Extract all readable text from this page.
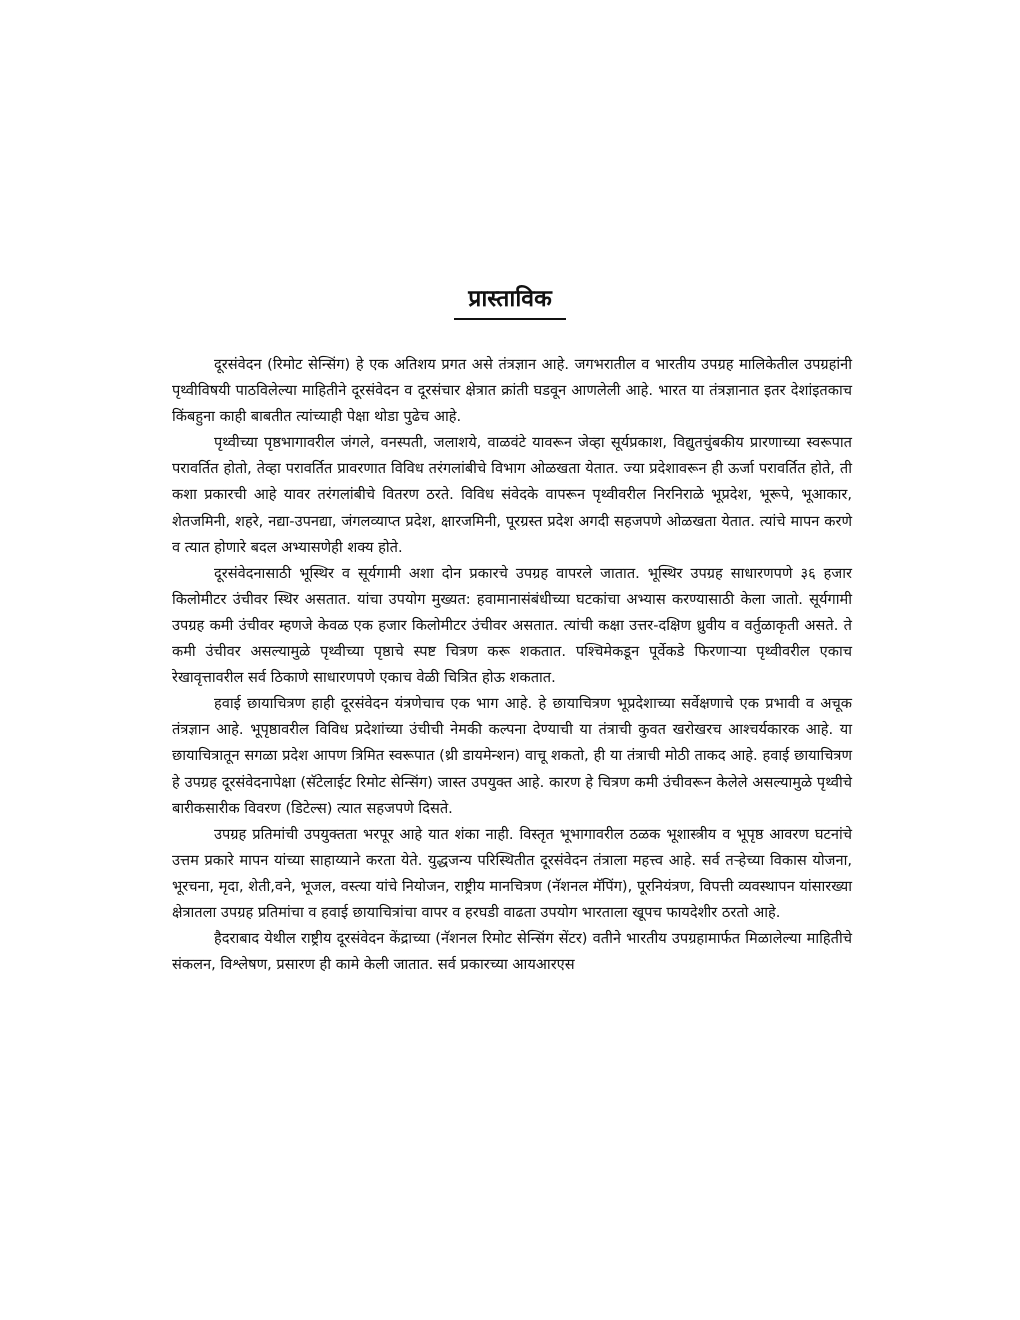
प्रास्ताविक

दूरसंवेदन (रिमोट सेन्सिंग) हे एक अतिशय प्रगत असे तंत्रज्ञान आहे. जगभरातील व भारतीय उपग्रह मालिकेतील उपग्रहांनी पृथ्वीविषयी पाठविलेल्या माहितीने दूरसंवेदन व दूरसंचार क्षेत्रात क्रांती घडवून आणलेली आहे. भारत या तंत्रज्ञानात इतर देशांइतकाच किंबहुना काही बाबतीत त्यांच्याही पेक्षा थोडा पुढेच आहे.

पृथ्वीच्या पृष्ठभागावरील जंगले, वनस्पती, जलाशये, वाळवंटे यावरून जेव्हा सूर्यप्रकाश, विद्युतचुंबकीय प्रारणाच्या स्वरूपात परावर्तित होतो, तेव्हा परावर्तित प्रावरणात विविध तरंगलांबीचे विभाग ओळखता येतात. ज्या प्रदेशावरून ही ऊर्जा परावर्तित होते, ती कशा प्रकारची आहे यावर तरंगलांबीचे वितरण ठरते. विविध संवेदके वापरून पृथ्वीवरील निरनिराळे भूप्रदेश, भूरूपे, भूआकार, शेतजमिनी, शहरे, नद्या-उपनद्या, जंगलव्याप्त प्रदेश, क्षारजमिनी, पूरग्रस्त प्रदेश अगदी सहजपणे ओळखता येतात. त्यांचे मापन करणे व त्यात होणारे बदल अभ्यासणेही शक्य होते.

दूरसंवेदनासाठी भूस्थिर व सूर्यगामी अशा दोन प्रकारचे उपग्रह वापरले जातात. भूस्थिर उपग्रह साधारणपणे ३६ हजार किलोमीटर उंचीवर स्थिर असतात. यांचा उपयोग मुख्यत: हवामानासंबंधीच्या घटकांचा अभ्यास करण्यासाठी केला जातो. सूर्यगामी उपग्रह कमी उंचीवर म्हणजे केवळ एक हजार किलोमीटर उंचीवर असतात. त्यांची कक्षा उत्तर-दक्षिण ध्रुवीय व वर्तुळाकृती असते. ते कमी उंचीवर असल्यामुळे पृथ्वीच्या पृष्ठाचे स्पष्ट चित्रण करू शकतात. पश्चिमेकडून पूर्वेकडे फिरणाऱ्या पृथ्वीवरील एकाच रेखावृत्तावरील सर्व ठिकाणे साधारणपणे एकाच वेळी चित्रित होऊ शकतात.

हवाई छायाचित्रण हाही दूरसंवेदन यंत्रणेचाच एक भाग आहे. हे छायाचित्रण भूप्रदेशाच्या सर्वेक्षणाचे एक प्रभावी व अचूक तंत्रज्ञान आहे. भूपृष्ठावरील विविध प्रदेशांच्या उंचीची नेमकी कल्पना देण्याची या तंत्राची कुवत खरोखरच आश्चर्यकारक आहे. या छायाचित्रातून सगळा प्रदेश आपण त्रिमित स्वरूपात (थ्री डायमेन्शन) वाचू शकतो, ही या तंत्राची मोठी ताकद आहे. हवाई छायाचित्रण हे उपग्रह दूरसंवेदनापेक्षा (सॅटेलाईट रिमोट सेन्सिंग) जास्त उपयुक्त आहे. कारण हे चित्रण कमी उंचीवरून केलेले असल्यामुळे पृथ्वीचे बारीकसारीक विवरण (डिटेल्स) त्यात सहजपणे दिसते.

उपग्रह प्रतिमांची उपयुक्तता भरपूर आहे यात शंका नाही. विस्तृत भूभागावरील ठळक भूशास्त्रीय व भूपृष्ठ आवरण घटनांचे उत्तम प्रकारे मापन यांच्या साहाय्याने करता येते. युद्धजन्य परिस्थितीत दूरसंवेदन तंत्राला महत्त्व आहे. सर्व तऱ्हेच्या विकास योजना, भूरचना, मृदा, शेती,वने, भूजल, वस्त्या यांचे नियोजन, राष्ट्रीय मानचित्रण (नॅशनल मॅपिंग), पूरनियंत्रण, विपत्ती व्यवस्थापन यांसारख्या क्षेत्रातला उपग्रह प्रतिमांचा व हवाई छायाचित्रांचा वापर व हरघडी वाढता उपयोग भारताला खूपच फायदेशीर ठरतो आहे.

हैदराबाद येथील राष्ट्रीय दूरसंवेदन केंद्राच्या (नॅशनल रिमोट सेन्सिंग सेंटर) वतीने भारतीय उपग्रहामार्फत मिळालेल्या माहितीचे संकलन, विश्लेषण, प्रसारण ही कामे केली जातात. सर्व प्रकारच्या आयआरएस
